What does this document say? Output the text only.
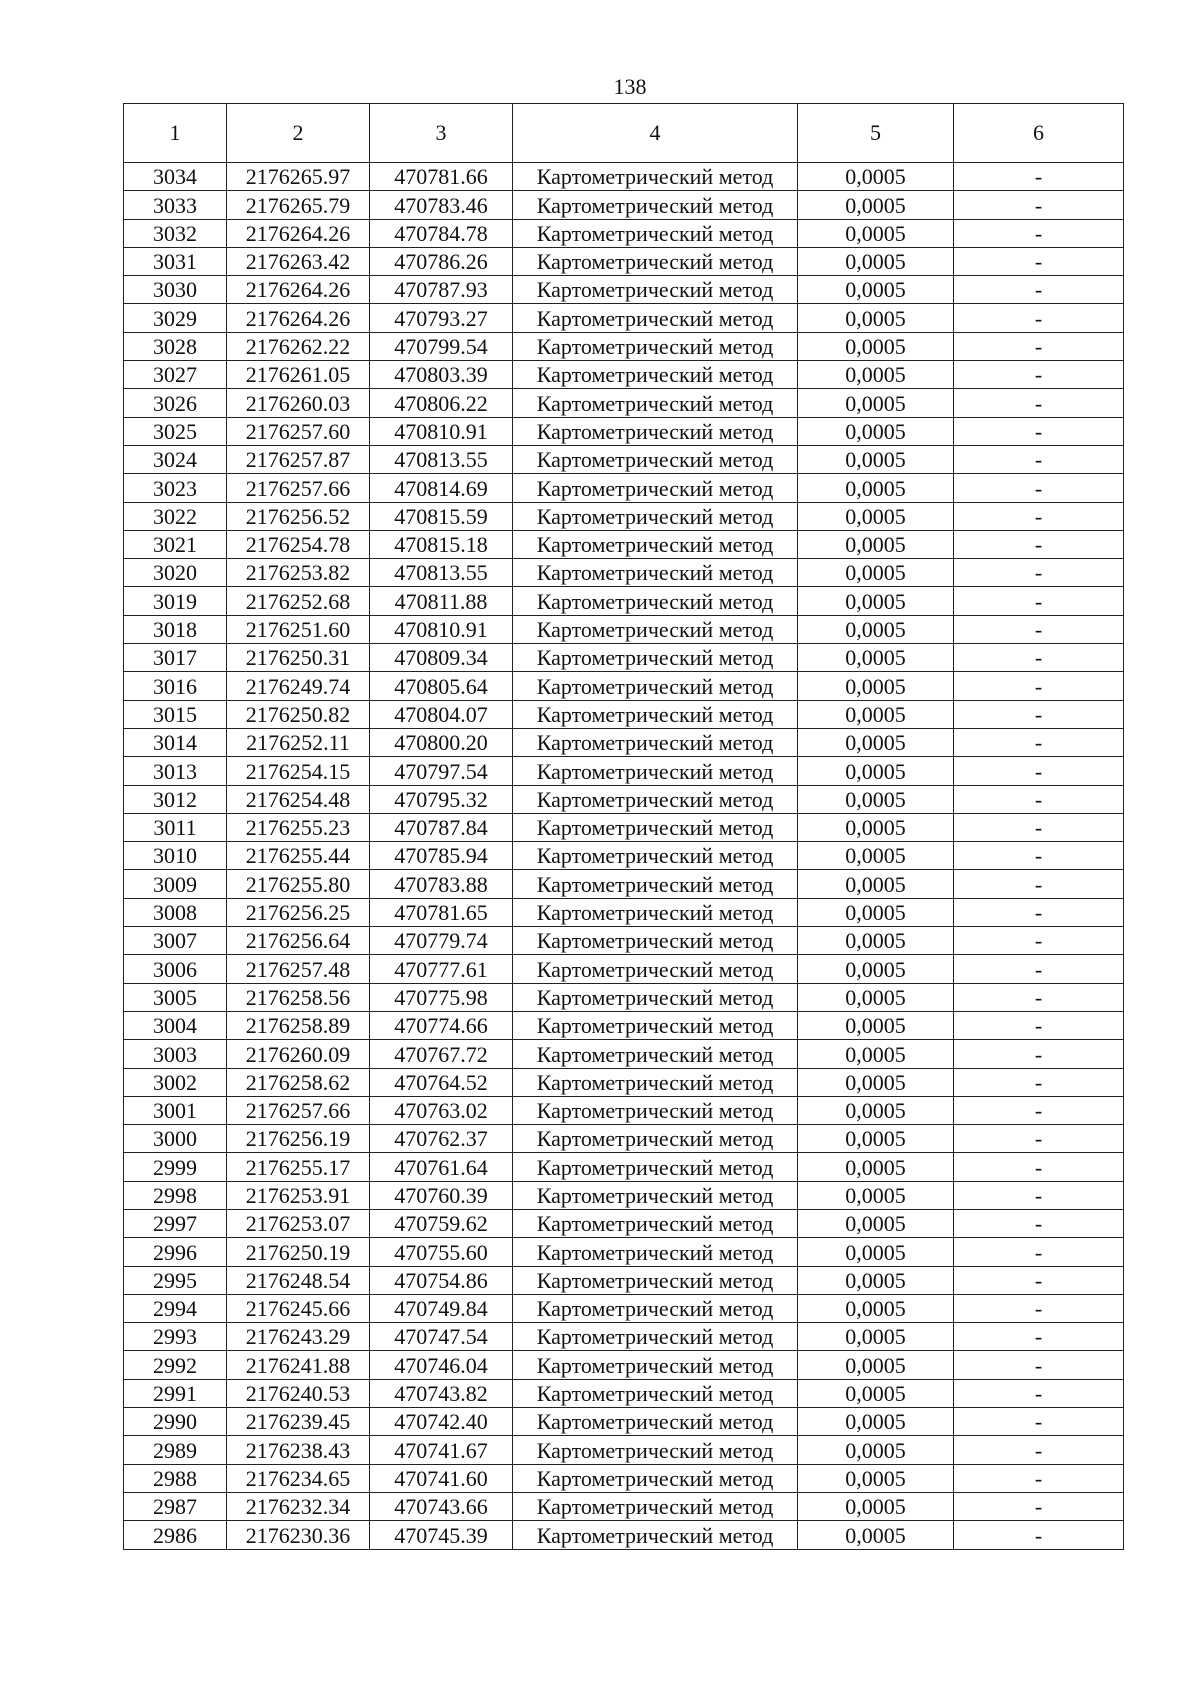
138
1	2	3	4	5	6
3034	2176265.97	470781.66	Картометрический метод	0,0005	-
3033	2176265.79	470783.46	Картометрический метод	0,0005	-
3032	2176264.26	470784.78	Картометрический метод	0,0005	-
3031	2176263.42	470786.26	Картометрический метод	0,0005	-
3030	2176264.26	470787.93	Картометрический метод	0,0005	-
3029	2176264.26	470793.27	Картометрический метод	0,0005	-
3028	2176262.22	470799.54	Картометрический метод	0,0005	-
3027	2176261.05	470803.39	Картометрический метод	0,0005	-
3026	2176260.03	470806.22	Картометрический метод	0,0005	-
3025	2176257.60	470810.91	Картометрический метод	0,0005	-
3024	2176257.87	470813.55	Картометрический метод	0,0005	-
3023	2176257.66	470814.69	Картометрический метод	0,0005	-
3022	2176256.52	470815.59	Картометрический метод	0,0005	-
3021	2176254.78	470815.18	Картометрический метод	0,0005	-
3020	2176253.82	470813.55	Картометрический метод	0,0005	-
3019	2176252.68	470811.88	Картометрический метод	0,0005	-
3018	2176251.60	470810.91	Картометрический метод	0,0005	-
3017	2176250.31	470809.34	Картометрический метод	0,0005	-
3016	2176249.74	470805.64	Картометрический метод	0,0005	-
3015	2176250.82	470804.07	Картометрический метод	0,0005	-
3014	2176252.11	470800.20	Картометрический метод	0,0005	-
3013	2176254.15	470797.54	Картометрический метод	0,0005	-
3012	2176254.48	470795.32	Картометрический метод	0,0005	-
3011	2176255.23	470787.84	Картометрический метод	0,0005	-
3010	2176255.44	470785.94	Картометрический метод	0,0005	-
3009	2176255.80	470783.88	Картометрический метод	0,0005	-
3008	2176256.25	470781.65	Картометрический метод	0,0005	-
3007	2176256.64	470779.74	Картометрический метод	0,0005	-
3006	2176257.48	470777.61	Картометрический метод	0,0005	-
3005	2176258.56	470775.98	Картометрический метод	0,0005	-
3004	2176258.89	470774.66	Картометрический метод	0,0005	-
3003	2176260.09	470767.72	Картометрический метод	0,0005	-
3002	2176258.62	470764.52	Картометрический метод	0,0005	-
3001	2176257.66	470763.02	Картометрический метод	0,0005	-
3000	2176256.19	470762.37	Картометрический метод	0,0005	-
2999	2176255.17	470761.64	Картометрический метод	0,0005	-
2998	2176253.91	470760.39	Картометрический метод	0,0005	-
2997	2176253.07	470759.62	Картометрический метод	0,0005	-
2996	2176250.19	470755.60	Картометрический метод	0,0005	-
2995	2176248.54	470754.86	Картометрический метод	0,0005	-
2994	2176245.66	470749.84	Картометрический метод	0,0005	-
2993	2176243.29	470747.54	Картометрический метод	0,0005	-
2992	2176241.88	470746.04	Картометрический метод	0,0005	-
2991	2176240.53	470743.82	Картометрический метод	0,0005	-
2990	2176239.45	470742.40	Картометрический метод	0,0005	-
2989	2176238.43	470741.67	Картометрический метод	0,0005	-
2988	2176234.65	470741.60	Картометрический метод	0,0005	-
2987	2176232.34	470743.66	Картометрический метод	0,0005	-
2986	2176230.36	470745.39	Картометрический метод	0,0005	-
